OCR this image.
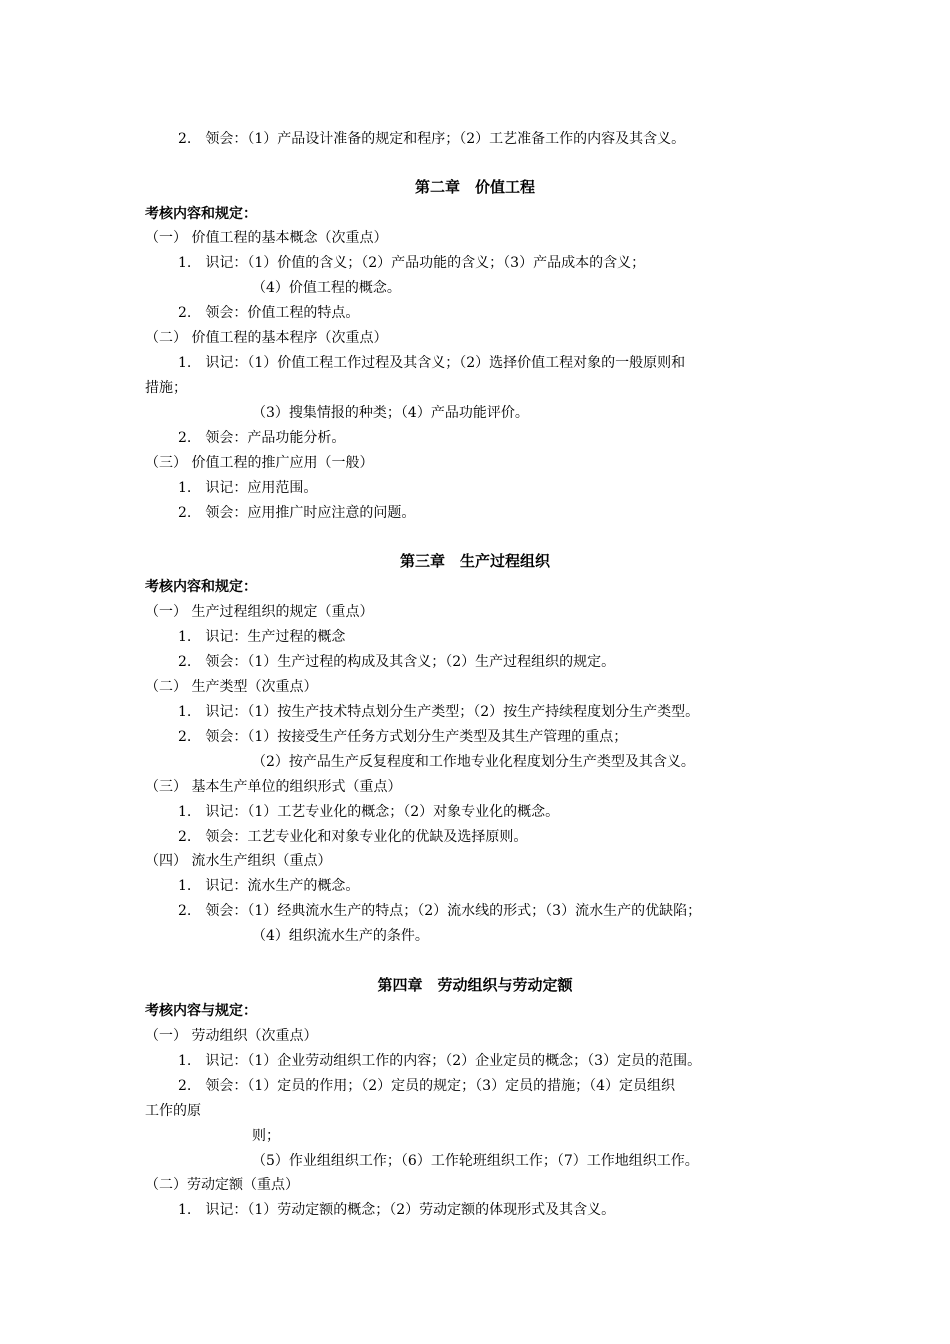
2.　领会：（1）产品设计准备的规定和程序；（2）工艺准备工作的内容及其含义。
第二章　价值工程
考核内容和规定：
（一） 价值工程的基本概念（次重点）
1.　识记：（1）价值的含义；（2）产品功能的含义；（3）产品成本的含义；
（4）价值工程的概念。
2.　领会：价值工程的特点。
（二） 价值工程的基本程序（次重点）
1.　识记：（1）价值工程工作过程及其含义；（2）选择价值工程对象的一般原则和
措施；
（3）搜集情报的种类；（4）产品功能评价。
2.　领会：产品功能分析。
（三） 价值工程的推广应用（一般）
1.　识记：应用范围。
2.　领会：应用推广时应注意的问题。
第三章　生产过程组织
考核内容和规定：
（一） 生产过程组织的规定（重点）
1.　识记：生产过程的概念
2.　领会：（1）生产过程的构成及其含义；（2）生产过程组织的规定。
（二） 生产类型（次重点）
1.　识记：（1）按生产技术特点划分生产类型；（2）按生产持续程度划分生产类型。
2.　领会：（1）按接受生产任务方式划分生产类型及其生产管理的重点；
（2）按产品生产反复程度和工作地专业化程度划分生产类型及其含义。
（三） 基本生产单位的组织形式（重点）
1.　识记：（1）工艺专业化的概念；（2）对象专业化的概念。
2.　领会：工艺专业化和对象专业化的优缺及选择原则。
（四） 流水生产组织（重点）
1.　识记：流水生产的概念。
2.　领会：（1）经典流水生产的特点；（2）流水线的形式；（3）流水生产的优缺陷；
（4）组织流水生产的条件。
第四章　劳动组织与劳动定额
考核内容与规定：
（一） 劳动组织（次重点）
1.　识记：（1）企业劳动组织工作的内容；（2）企业定员的概念；（3）定员的范围。
2.　领会：（1）定员的作用；（2）定员的规定；（3）定员的措施；（4）定员组织
工作的原
则；
（5）作业组组织工作；（6）工作轮班组织工作；（7）工作地组织工作。
（二）劳动定额（重点）
1.　识记：（1）劳动定额的概念；（2）劳动定额的体现形式及其含义。
